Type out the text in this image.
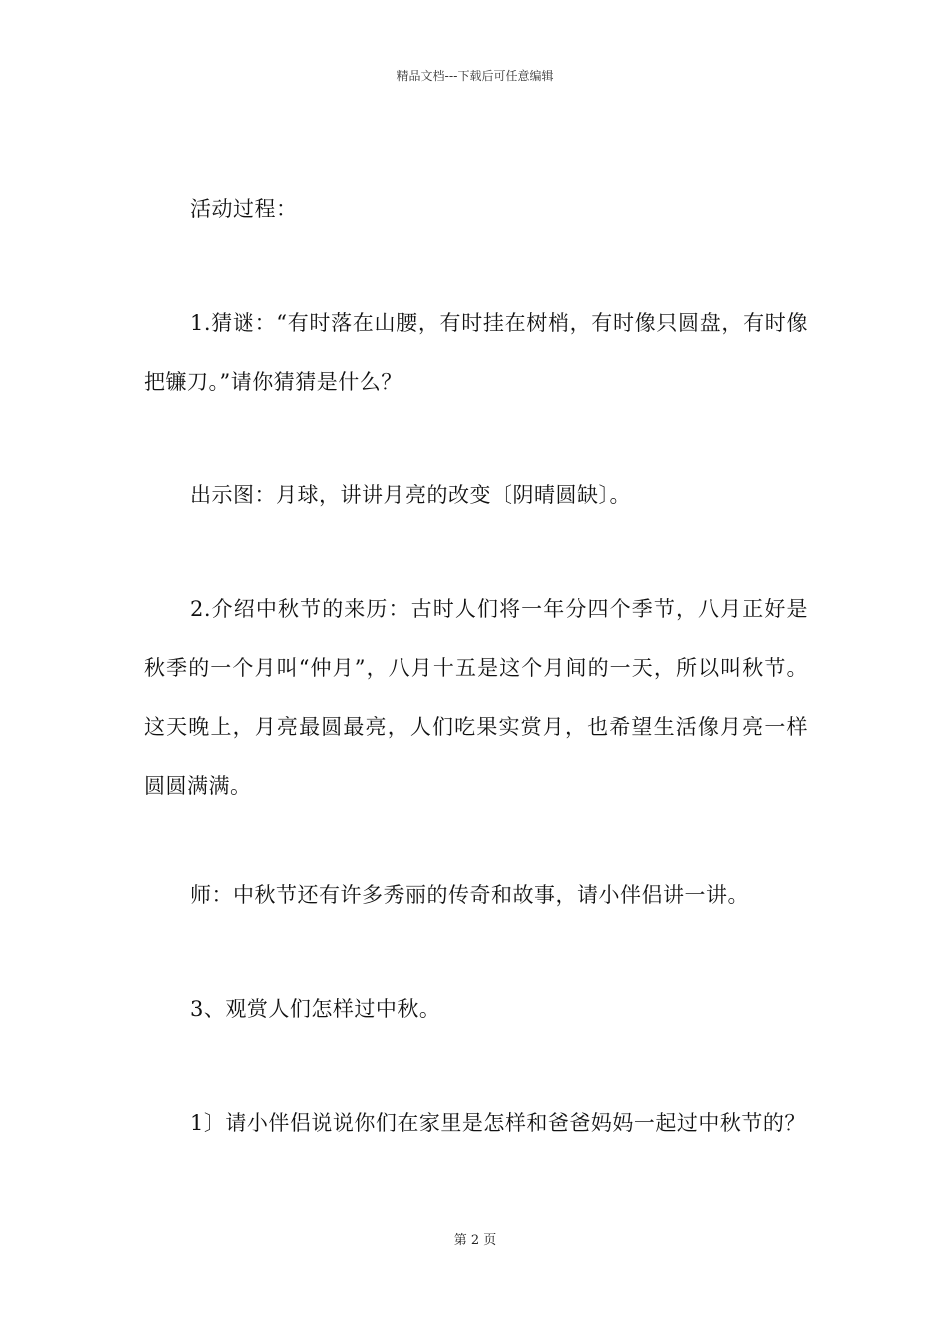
精品文档---下载后可任意编辑

活动过程：

1.猜谜：“有时落在山腰，有时挂在树梢，有时像只圆盘，有时像把镰刀。”请你猜猜是什么？

出示图：月球，讲讲月亮的改变〔阴晴圆缺〕。

2.介绍中秋节的来历：古时人们将一年分四个季节，八月正好是秋季的一个月叫“仲月”，八月十五是这个月间的一天，所以叫秋节。这天晚上，月亮最圆最亮，人们吃果实赏月，也希望生活像月亮一样圆圆满满。

师：中秋节还有许多秀丽的传奇和故事，请小伴侣讲一讲。

3、观赏人们怎样过中秋。

1〕请小伴侣说说你们在家里是怎样和爸爸妈妈一起过中秋节的？

第 2 页
